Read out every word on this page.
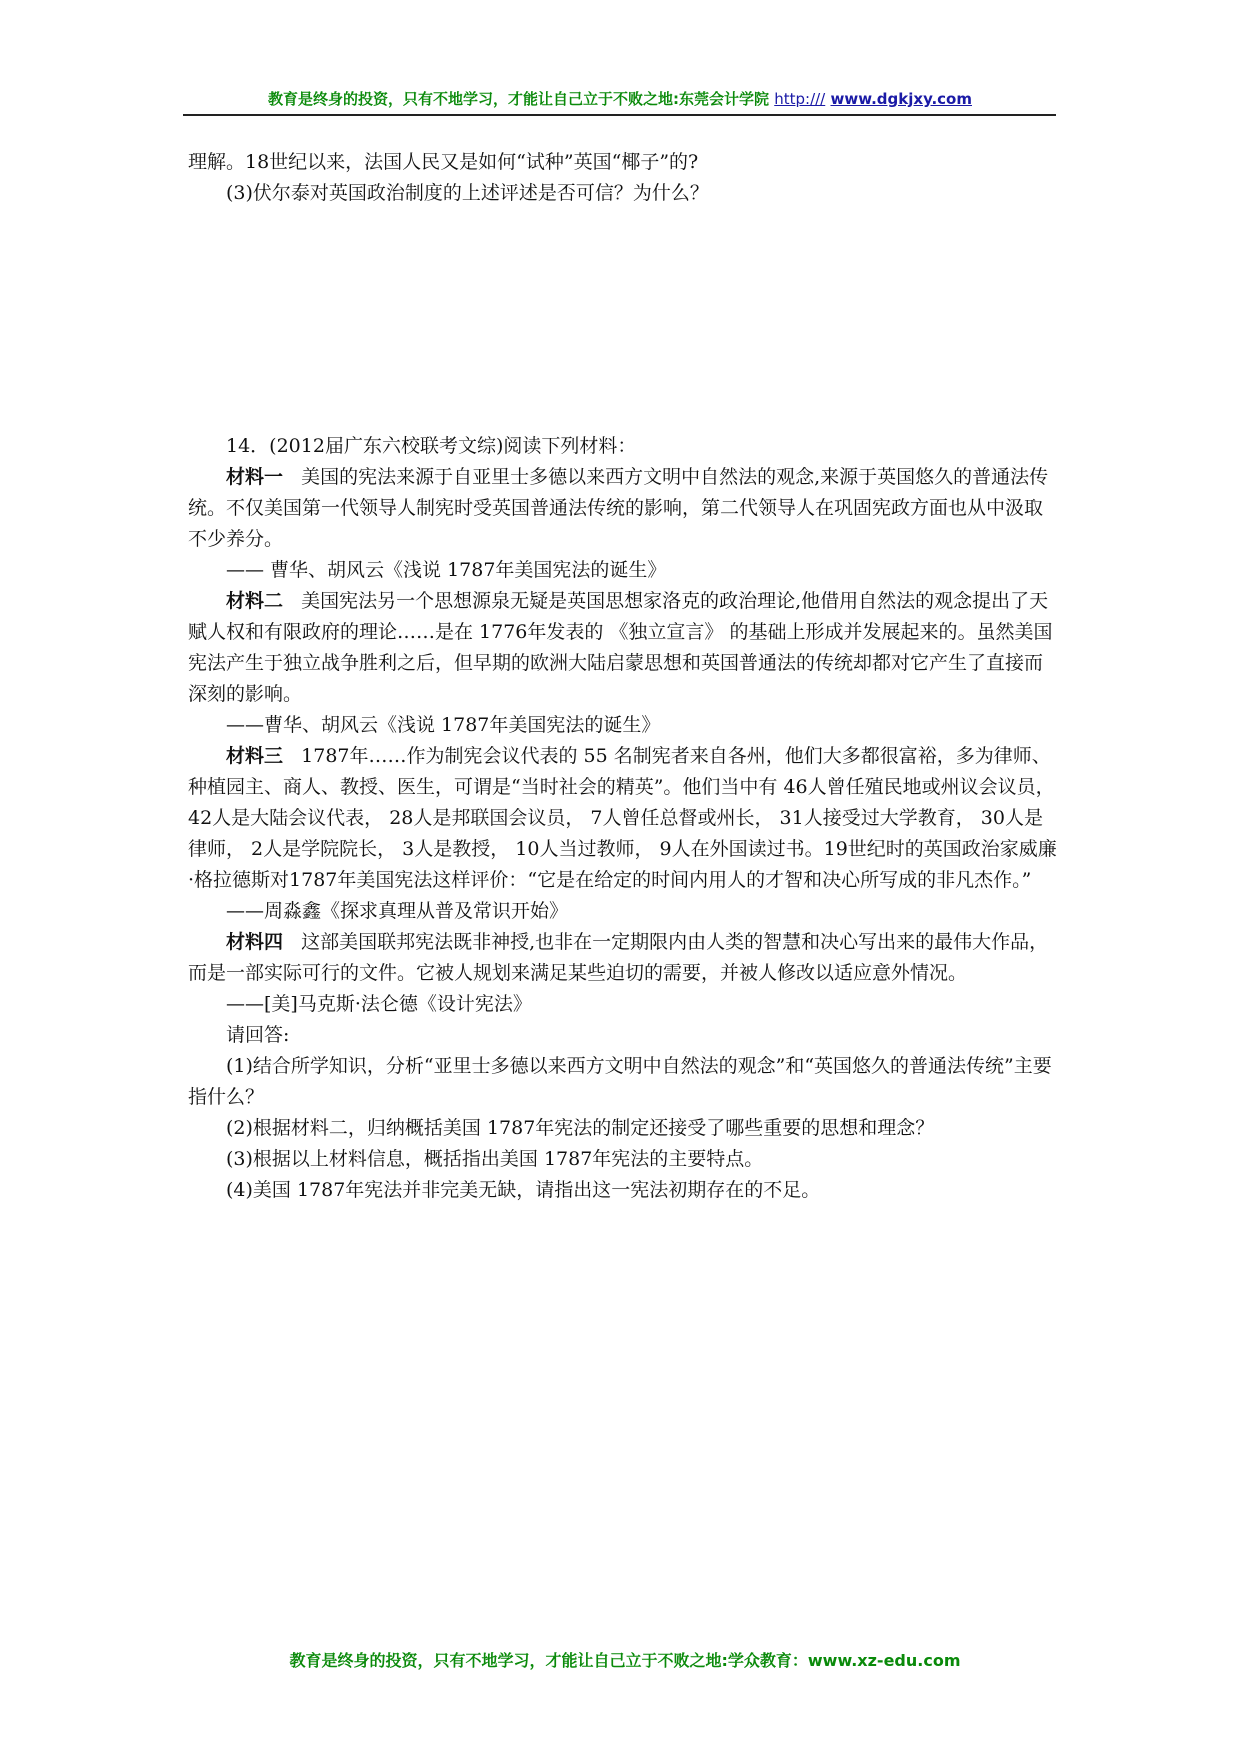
教育是终身的投资，只有不地学习，才能让自己立于不败之地:东莞会计学院 http:/// www.dgkjxy.com

理解。18世纪以来，法国人民又是如何“试种”英国“椰子”的?

(3)伏尔泰对英国政治制度的上述评述是否可信？为什么？

14．(2012届广东六校联考文综)阅读下列材料：

材料一 美国的宪法来源于自亚里士多德以来西方文明中自然法的观念,来源于英国悠久的普通法传统。不仅美国第一代领导人制宪时受英国普通法传统的影响，第二代领导人在巩固宪政方面也从中汲取不少养分。

—— 曹华、胡风云《浅说 1787年美国宪法的诞生》

材料二 美国宪法另一个思想源泉无疑是英国思想家洛克的政治理论,他借用自然法的观念提出了天赋人权和有限政府的理论……是在 1776年发表的 《独立宣言》 的基础上形成并发展起来的。虽然美国宪法产生于独立战争胜利之后，但早期的欧洲大陆启蒙思想和英国普通法的传统却都对它产生了直接而深刻的影响。

——曹华、胡风云《浅说 1787年美国宪法的诞生》

材料三 1787年……作为制宪会议代表的 55 名制宪者来自各州，他们大多都很富裕，多为律师、种植园主、商人、教授、医生，可谓是“当时社会的精英”。他们当中有 46人曾任殖民地或州议会议员， 42人是大陆会议代表， 28人是邦联国会议员， 7人曾任总督或州长， 31人接受过大学教育， 30人是律师， 2人是学院院长， 3人是教授， 10人当过教师， 9人在外国读过书。19世纪时的英国政治家威廉·格拉德斯对1787年美国宪法这样评价：“它是在给定的时间内用人的才智和决心所写成的非凡杰作。”

——周淼鑫《探求真理从普及常识开始》

材料四 这部美国联邦宪法既非神授,也非在一定期限内由人类的智慧和决心写出来的最伟大作品，而是一部实际可行的文件。它被人规划来满足某些迫切的需要，并被人修改以适应意外情况。

——[美]马克斯·法仑德《设计宪法》

请回答:

(1)结合所学知识，分析“亚里士多德以来西方文明中自然法的观念”和“英国悠久的普通法传统”主要指什么？

(2)根据材料二，归纳概括美国 1787年宪法的制定还接受了哪些重要的思想和理念？

(3)根据以上材料信息，概括指出美国 1787年宪法的主要特点。

(4)美国 1787年宪法并非完美无缺，请指出这一宪法初期存在的不足。

教育是终身的投资，只有不地学习，才能让自己立于不败之地:学众教育：www.xz-edu.com
